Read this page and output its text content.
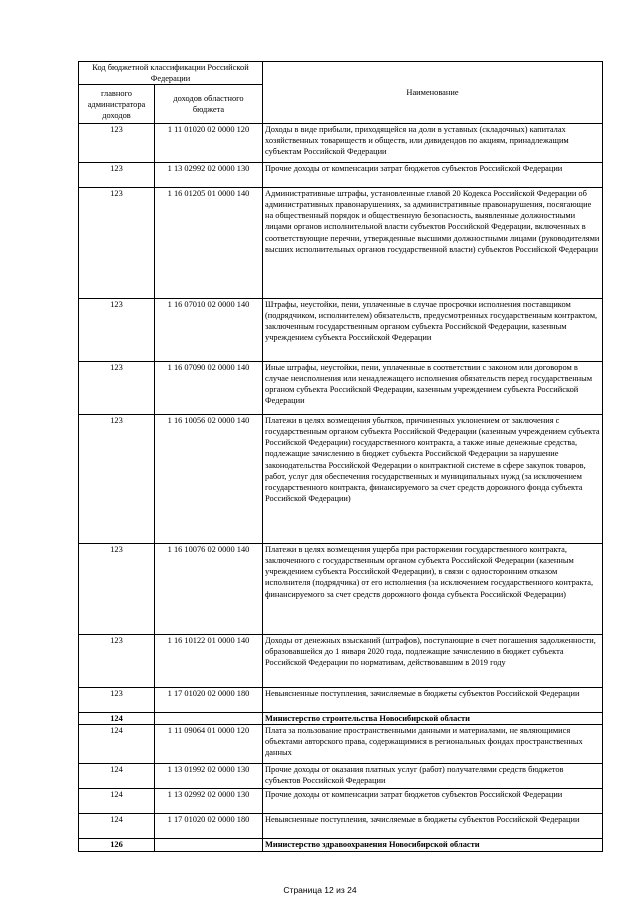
Код бюджетной классификации Российской Федерации		Наименование
главного администратора доходов	доходов областного бюджета	
123	1 11 01020 02 0000 120	Доходы в виде прибыли, приходящейся на доли в уставных (складочных) капиталах хозяйственных товариществ и обществ, или дивидендов по акциям, принадлежащим субъектам Российской Федерации
123	1 13 02992 02 0000 130	Прочие доходы от компенсации затрат бюджетов субъектов Российской Федерации
123	1 16 01205 01 0000 140	Административные штрафы, установленные главой 20 Кодекса Российской Федерации об административных правонарушениях, за административные правонарушения, посягающие на общественный порядок и общественную безопасность, выявленные должностными лицами органов исполнительной власти субъектов Российской Федерации, включенных в соответствующие перечни, утвержденные высшими должностными лицами (руководителями высших исполнительных органов государственной власти) субъектов Российской Федерации
123	1 16 07010 02 0000 140	Штрафы, неустойки, пени, уплаченные в случае просрочки исполнения поставщиком (подрядчиком, исполнителем) обязательств, предусмотренных государственным контрактом, заключенным государственным органом субъекта Российской Федерации, казенным учреждением субъекта Российской Федерации
123	1 16 07090 02 0000 140	Иные штрафы, неустойки, пени, уплаченные в соответствии с законом или договором в случае неисполнения или ненадлежащего исполнения обязательств перед государственным органом субъекта Российской Федерации, казенным учреждением субъекта Российской Федерации
123	1 16 10056 02 0000 140	Платежи в целях возмещения убытков, причиненных уклонением от заключения с государственным органом субъекта Российской Федерации (казенным учреждением субъекта Российской Федерации) государственного контракта, а также иные денежные средства, подлежащие зачислению в бюджет субъекта Российской Федерации за нарушение законодательства Российской Федерации о контрактной системе в сфере закупок товаров, работ, услуг для обеспечения государственных и муниципальных нужд (за исключением государственного контракта, финансируемого за счет средств дорожного фонда субъекта Российской Федерации)
123	1 16 10076 02 0000 140	Платежи в целях возмещения ущерба при расторжении государственного контракта, заключенного с государственным органом субъекта Российской Федерации (казенным учреждением субъекта Российской Федерации), в связи с односторонним отказом исполнителя (подрядчика) от его исполнения (за исключением государственного контракта, финансируемого за счет средств дорожного фонда субъекта Российской Федерации)
123	1 16 10122 01 0000 140	Доходы от денежных взысканий (штрафов), поступающие в счет погашения задолженности, образовавшейся до 1 января 2020 года, подлежащие зачислению в бюджет субъекта Российской Федерации по нормативам, действовавшим в 2019 году
123	1 17 01020 02 0000 180	Невыясненные поступления, зачисляемые в бюджеты субъектов Российской Федерации
124		Министерство строительства Новосибирской области
124	1 11 09064 01 0000 120	Плата за пользование пространственными данными и материалами, не являющимися объектами авторского права, содержащимися в региональных фондах пространственных данных
124	1 13 01992 02 0000 130	Прочие доходы от оказания платных услуг (работ) получателями средств бюджетов субъектов Российской Федерации
124	1 13 02992 02 0000 130	Прочие доходы от компенсации затрат бюджетов субъектов Российской Федерации
124	1 17 01020 02 0000 180	Невыясненные поступления, зачисляемые в бюджеты субъектов Российской Федерации
126		Министерство здравоохранения Новосибирской области
Страница 12 из 24
